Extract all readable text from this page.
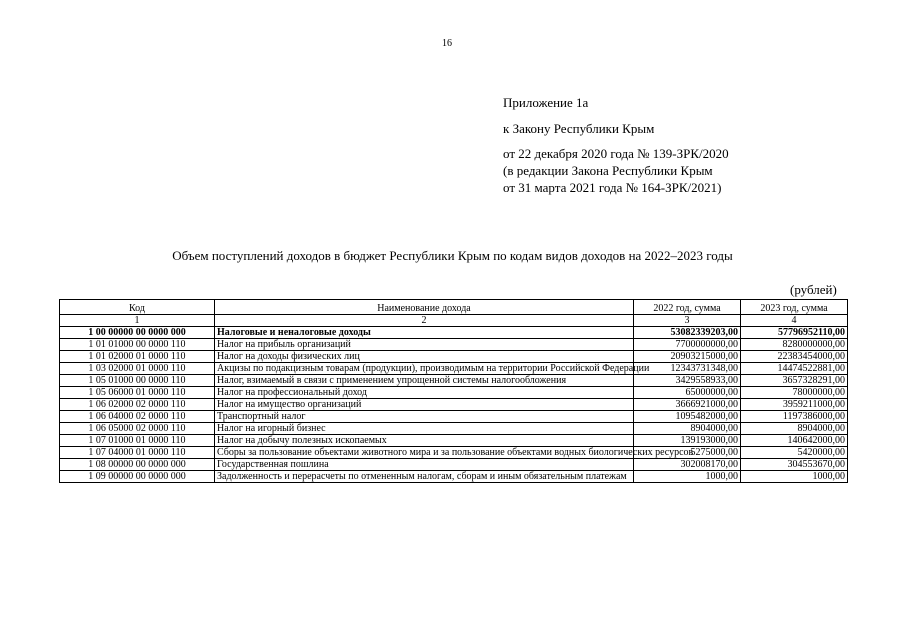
16
Приложение 1а
к Закону Республики Крым
от 22 декабря 2020 года № 139-ЗРК/2020
(в редакции Закона Республики Крым
от 31 марта 2021 года № 164-ЗРК/2021)
Объем поступлений доходов в бюджет Республики Крым по кодам видов доходов на 2022–2023 годы
(рублей)
Код	Наименование дохода	2022 год, сумма	2023 год, сумма
1	2	3	4
1 00 00000 00 0000 000	Налоговые и неналоговые доходы	53082339203,00	57796952110,00
1 01 01000 00 0000 110	Налог на прибыль организаций	7700000000,00	8280000000,00
1 01 02000 01 0000 110	Налог на доходы физических лиц	20903215000,00	22383454000,00
1 03 02000 01 0000 110	Акцизы по подакцизным товарам (продукции), производимым на территории Российской Федерации	12343731348,00	14474522881,00
1 05 01000 00 0000 110	Налог, взимаемый в связи с применением упрощенной системы налогообложения	3429558933,00	3657328291,00
1 05 06000 01 0000 110	Налог на профессиональный доход	65000000,00	78000000,00
1 06 02000 02 0000 110	Налог на имущество организаций	3666921000,00	3959211000,00
1 06 04000 02 0000 110	Транспортный налог	1095482000,00	1197386000,00
1 06 05000 02 0000 110	Налог на игорный бизнес	8904000,00	8904000,00
1 07 01000 01 0000 110	Налог на добычу полезных ископаемых	139193000,00	140642000,00
1 07 04000 01 0000 110	Сборы за пользование объектами животного мира и за пользование объектами водных биологических ресурсов	5275000,00	5420000,00
1 08 00000 00 0000 000	Государственная пошлина	302008170,00	304553670,00
1 09 00000 00 0000 000	Задолженность и перерасчеты по отмененным налогам, сборам и иным обязательным платежам	1000,00	1000,00
